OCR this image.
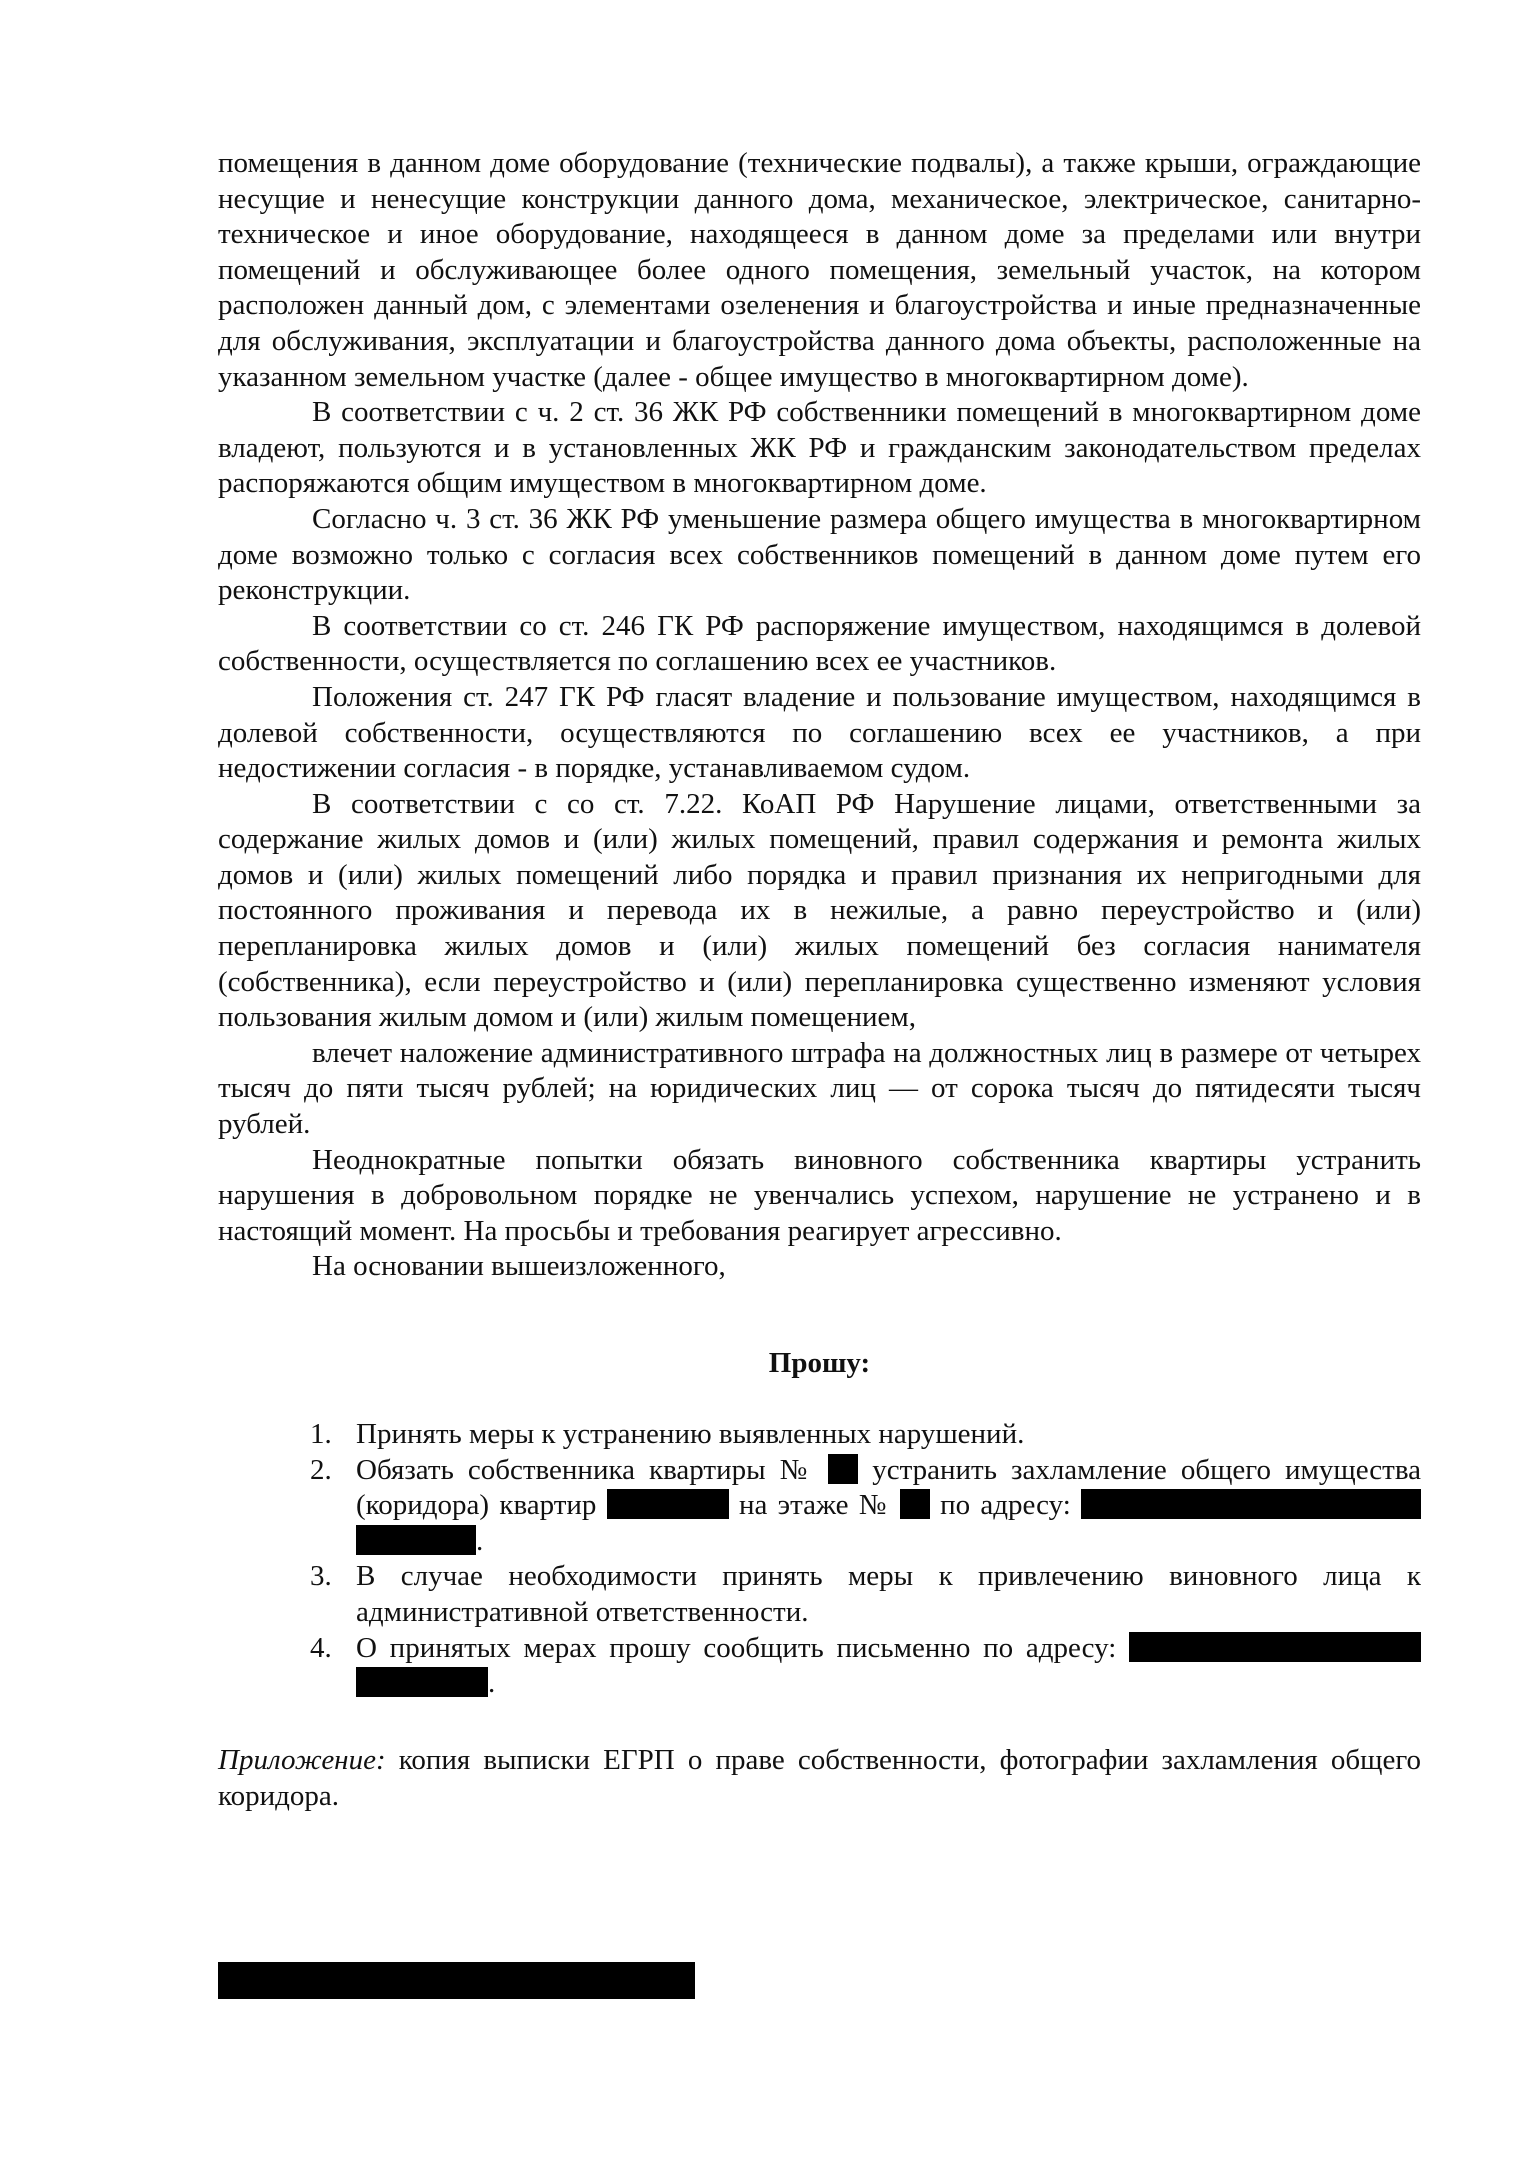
помещения в данном доме оборудование (технические подвалы), а также крыши, ограждающие несущие и ненесущие конструкции данного дома, механическое, электрическое, санитарно-техническое и иное оборудование, находящееся в данном доме за пределами или внутри помещений и обслуживающее более одного помещения, земельный участок, на котором расположен данный дом, с элементами озеленения и благоустройства и иные предназначенные для обслуживания, эксплуатации и благоустройства данного дома объекты, расположенные на указанном земельном участке (далее - общее имущество в многоквартирном доме).

В соответствии с ч. 2 ст. 36 ЖК РФ собственники помещений в многоквартирном доме владеют, пользуются и в установленных ЖК РФ и гражданским законодательством пределах распоряжаются общим имуществом в многоквартирном доме.

Согласно ч. 3 ст. 36 ЖК РФ уменьшение размера общего имущества в многоквартирном доме возможно только с согласия всех собственников помещений в данном доме путем его реконструкции.

В соответствии со ст. 246 ГК РФ распоряжение имуществом, находящимся в долевой собственности, осуществляется по соглашению всех ее участников.

Положения ст. 247 ГК РФ гласят владение и пользование имуществом, находящимся в долевой собственности, осуществляются по соглашению всех ее участников, а при недостижении согласия - в порядке, устанавливаемом судом.

В соответствии с со ст. 7.22. КоАП РФ Нарушение лицами, ответственными за содержание жилых домов и (или) жилых помещений, правил содержания и ремонта жилых домов и (или) жилых помещений либо порядка и правил признания их непригодными для постоянного проживания и перевода их в нежилые, а равно переустройство и (или) перепланировка жилых домов и (или) жилых помещений без согласия нанимателя (собственника), если переустройство и (или) перепланировка существенно изменяют условия пользования жилым домом и (или) жилым помещением,

влечет наложение административного штрафа на должностных лиц в размере от четырех тысяч до пяти тысяч рублей; на юридических лиц — от сорока тысяч до пятидесяти тысяч рублей.

Неоднократные попытки обязать виновного собственника квартиры устранить нарушения в добровольном порядке не увенчались успехом, нарушение не устранено и в настоящий момент. На просьбы и требования реагирует агрессивно.

На основании вышеизложенного,

Прошу:

1. Принять меры к устранению выявленных нарушений.
2. Обязать собственника квартиры № устранить захламление общего имущества (коридора) квартир	на этаже № по адресу:  .
3. В случае необходимости принять меры к привлечению виновного лица к административной ответственности.
4. О принятых мерах прошу сообщить письменно по адресу:  .

Приложение: копия выписки ЕГРП о праве собственности, фотографии захламления общего коридора.
